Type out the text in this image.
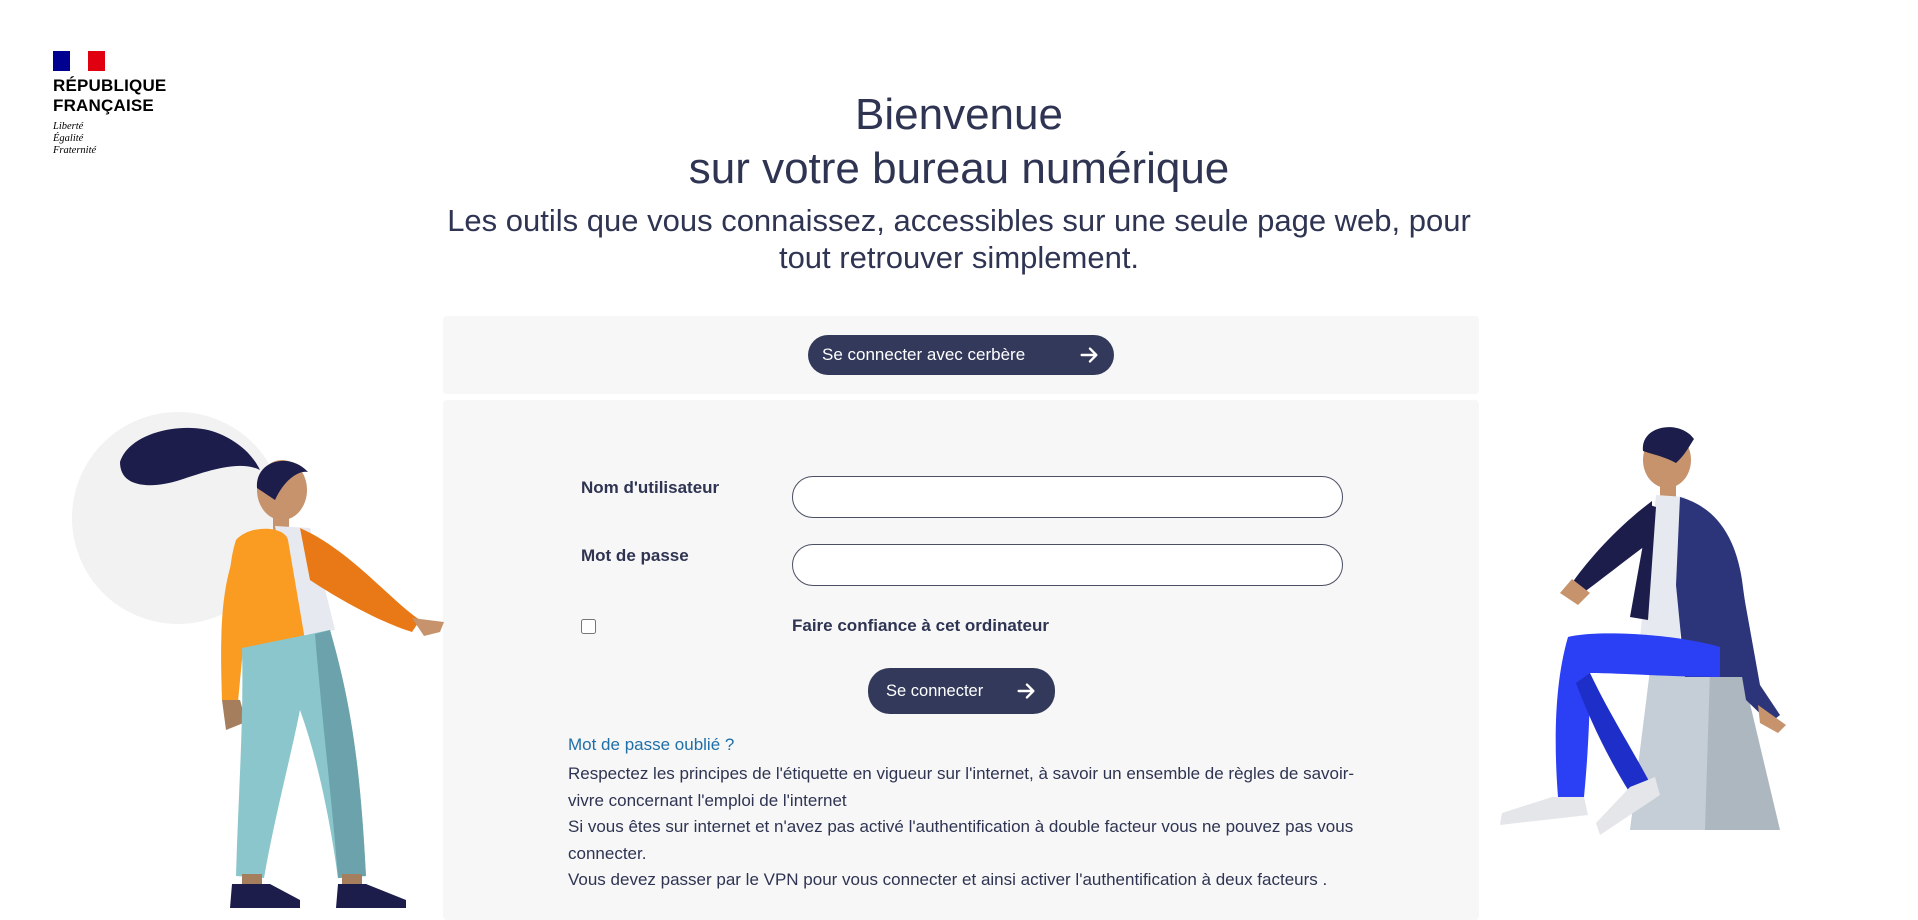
RÉPUBLIQUE
FRANÇAISE
Liberté
Égalité
Fraternité
Bienvenue
sur votre bureau numérique

Les outils que vous connaissez, accessibles sur une seule page web, pour tout retrouver simplement.

Se connecter avec cerbère
Nom d'utilisateur
Mot de passe
Faire confiance à cet ordinateur
Se connecter
Mot de passe oublié ?
Respectez les principes de l'étiquette en vigueur sur l'internet, à savoir un ensemble de règles de savoir-vivre concernant l'emploi de l'internet
Si vous êtes sur internet et n'avez pas activé l'authentification à double facteur vous ne pouvez pas vous connecter.
Vous devez passer par le VPN pour vous connecter et ainsi activer l'authentification à deux facteurs .
